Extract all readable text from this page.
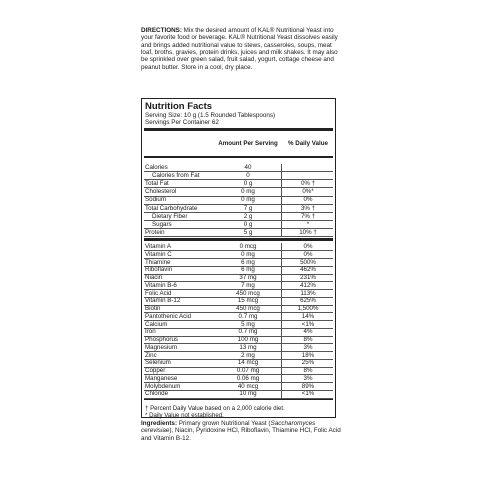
DIRECTIONS: Mix the desired amount of KAL® Nutritional Yeast into your favorite food or beverage. KAL® Nutritional Yeast dissolves easily and brings added nutritional value to stews, casseroles, soups, meat loaf, broths, gravies, protein drinks, juices and milk shakes. It may also be sprinkled over green salad, fruit salad, yogurt, cottage cheese and peanut butter. Store in a cool, dry place.
Nutrition Facts
Serving Size: 10 g (1.5 Rounded Tablespoons)
Servings Per Container 62
Amount Per Serving	% Daily Value
Calories	40
Calories from Fat	0
Total Fat	0 g	0% †
Cholesterol	0 mg	0%*
Sodium	0 mg	0%
Total Carbohydrate	7 g	3% †
Dietary Fiber	2 g	7% †
Sugars	0 g	*
Protein	5 g	10% †
Vitamin A	0 mcg	0%
Vitamin C	0 mg	0%
Thiamine	6 mg	500%
Riboflavin	6 mg	462%
Niacin	37 mg	231%
Vitamin B-6	7 mg	412%
Folic Acid	450 mcg	113%
Vitamin B-12	15 mcg	625%
Biotin	450 mcg	1,500%
Pantothenic Acid	0.7 mg	14%
Calcium	5 mg	<1%
Iron	0.7 mg	4%
Phosphorus	100 mg	8%
Magnesium	13 mg	3%
Zinc	2 mg	18%
Selenium	14 mcg	25%
Copper	0.07 mg	8%
Manganese	0.06 mg	3%
Molybdenum	40 mcg	89%
Chloride	10 mg	<1%
† Percent Daily Value based on a 2,000 calorie diet.
* Daily Value not established.
Ingredients: Primary grown Nutritional Yeast (Saccharomyces cerevisiae), Niacin, Pyridoxine HCl, Riboflavin, Thiamine HCl, Folic Acid and Vitamin B-12.
